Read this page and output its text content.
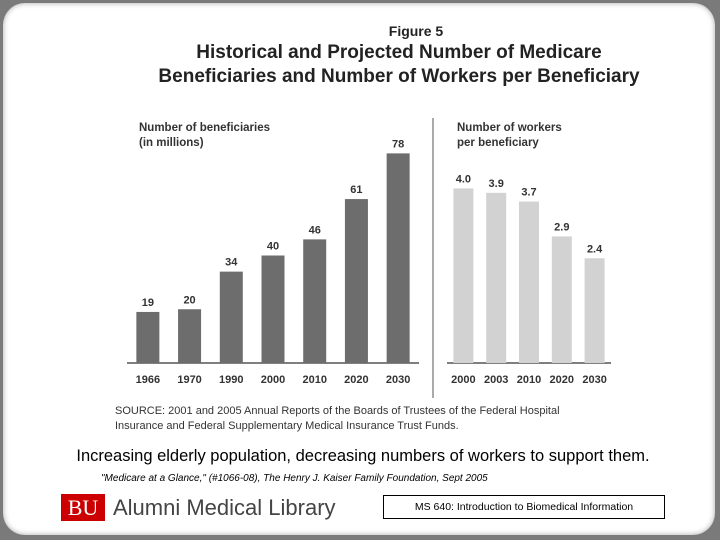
Figure 5
Historical and Projected Number of Medicare
Beneficiaries and Number of Workers per Beneficiary
Number of beneficiaries
(in millions)
Number of workers
per beneficiary
19
1966
20
1970
34
1990
40
2000
46
2010
61
2020
78
2030
4.0
2000
3.9
2003
3.7
2010
2.9
2020
2.4
2030
SOURCE: 2001 and 2005 Annual Reports of the Boards of Trustees of the Federal Hospital
Insurance and Federal Supplementary Medical Insurance Trust Funds.
Increasing elderly population, decreasing numbers of workers to support them.
"Medicare at a Glance," (#1066-08), The Henry J. Kaiser Family Foundation, Sept 2005
BU Alumni Medical Library	MS 640: Introduction to Biomedical Information
